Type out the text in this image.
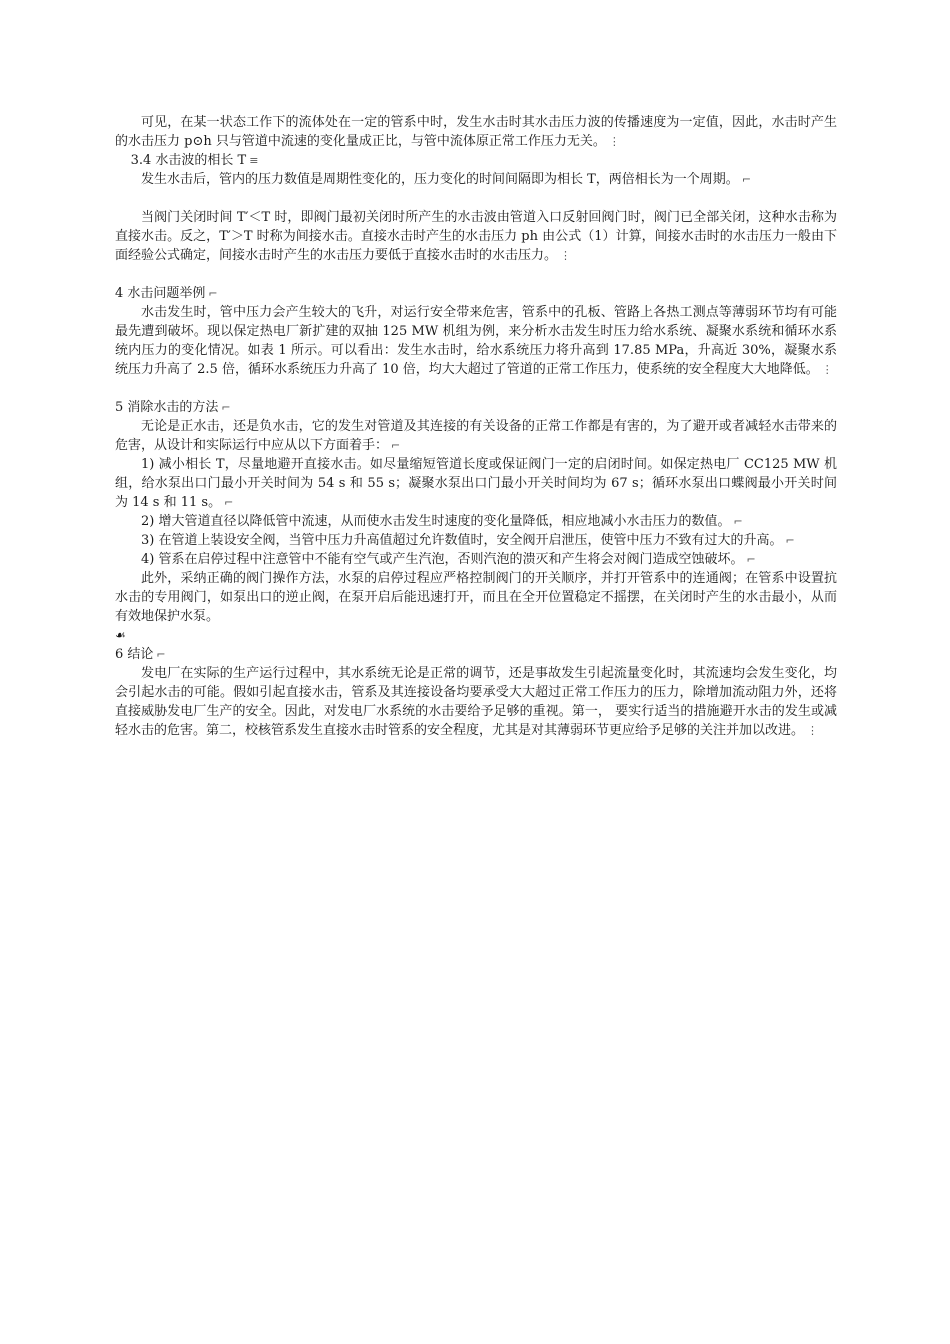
可见，在某一状态工作下的流体处在一定的管系中时，发生水击时其水击压力波的传播速度为一定值，因此，水击时产生的水击压力 p⊙h 只与管道中流速的变化量成正比，与管中流体原正常工作压力无关。 ⋮

3.4 水击波的相长 T ≡

发生水击后，管内的压力数值是周期性变化的，压力变化的时间间隔即为相长 T，两倍相长为一个周期。 ⌐

当阀门关闭时间 T′＜T 时，即阀门最初关闭时所产生的水击波由管道入口反射回阀门时，阀门已全部关闭，这种水击称为直接水击。反之，T′＞T 时称为间接水击。直接水击时产生的水击压力 ph 由公式（1）计算，间接水击时的水击压力一般由下面经验公式确定，间接水击时产生的水击压力要低于直接水击时的水击压力。 ⋮

4 水击问题举例 ⌐

水击发生时，管中压力会产生较大的飞升，对运行安全带来危害，管系中的孔板、管路上各热工测点等薄弱环节均有可能最先遭到破坏。现以保定热电厂新扩建的双抽 125 MW 机组为例，来分析水击发生时压力给水系统、凝聚水系统和循环水系统内压力的变化情况。如表 1 所示。可以看出：发生水击时，给水系统压力将升高到 17.85 MPa，升高近 30%，凝聚水系统压力升高了 2.5 倍，循环水系统压力升高了 10 倍，均大大超过了管道的正常工作压力，使系统的安全程度大大地降低。 ⋮

5 消除水击的方法 ⌐

无论是正水击，还是负水击，它的发生对管道及其连接的有关设备的正常工作都是有害的，为了避开或者减轻水击带来的危害，从设计和实际运行中应从以下方面着手： ⌐

1) 减小相长 T，尽量地避开直接水击。如尽量缩短管道长度或保证阀门一定的启闭时间。如保定热电厂 CC125 MW 机组，给水泵出口门最小开关时间为 54 s 和 55 s；凝聚水泵出口门最小开关时间均为 67 s；循环水泵出口蝶阀最小开关时间为 14 s 和 11 s。 ⌐

2) 增大管道直径以降低管中流速，从而使水击发生时速度的变化量降低，相应地减小水击压力的数值。 ⌐

3) 在管道上装设安全阀，当管中压力升高值超过允许数值时，安全阀开启泄压，使管中压力不致有过大的升高。 ⌐

4) 管系在启停过程中注意管中不能有空气或产生汽泡，否则汽泡的溃灭和产生将会对阀门造成空蚀破坏。 ⌐

此外，采纳正确的阀门操作方法，水泵的启停过程应严格控制阀门的开关顺序，并打开管系中的连通阀；在管系中设置抗水击的专用阀门，如泵出口的逆止阀，在泵开启后能迅速打开，而且在全开位置稳定不摇摆，在关闭时产生的水击最小，从而有效地保护水泵。

☙

6 结论 ⌐

发电厂在实际的生产运行过程中，其水系统无论是正常的调节，还是事故发生引起流量变化时，其流速均会发生变化，均会引起水击的可能。假如引起直接水击，管系及其连接设备均要承受大大超过正常工作压力的压力，除增加流动阻力外，还将直接威胁发电厂生产的安全。因此，对发电厂水系统的水击要给予足够的重视。第一， 要实行适当的措施避开水击的发生或减轻水击的危害。第二，校核管系发生直接水击时管系的安全程度，尤其是对其薄弱环节更应给予足够的关注并加以改进。 ⋮
